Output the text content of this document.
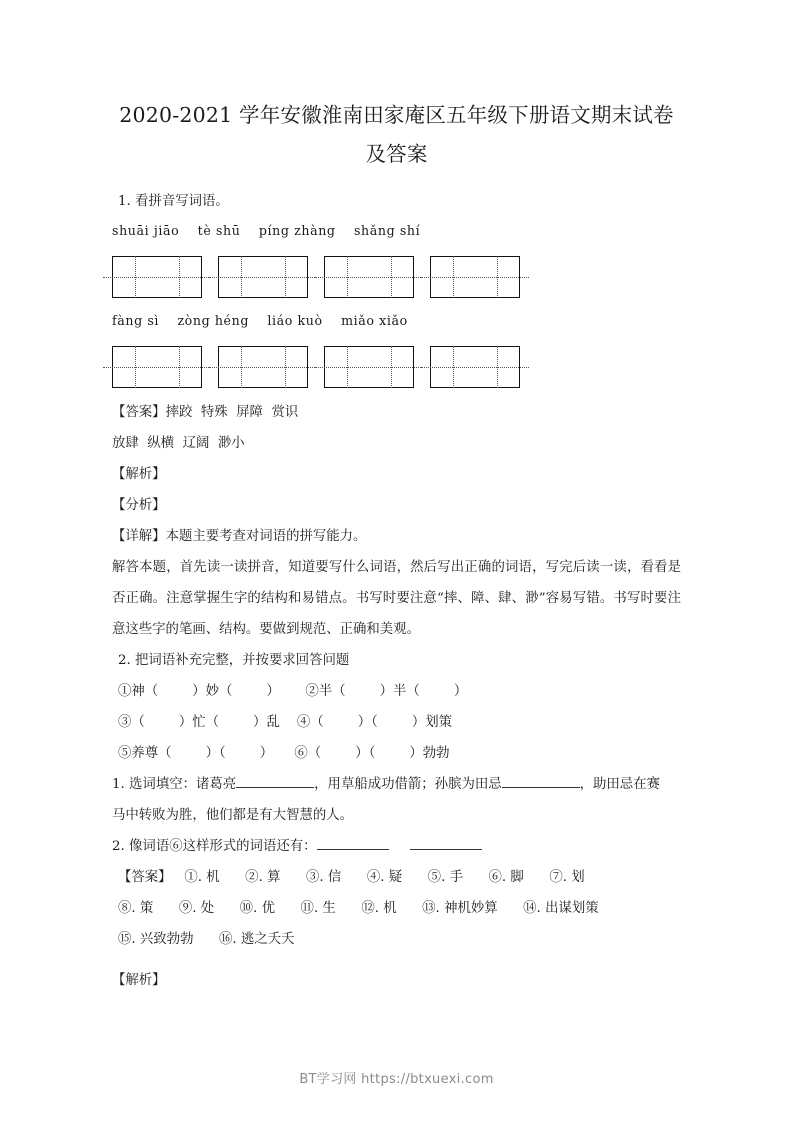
2020-2021 学年安徽淮南田家庵区五年级下册语文期末试卷
及答案

1. 看拼音写词语。

shuāi jiāo    tè shū    píng zhàng    shǎng shí

fàng sì    zòng héng    liáo kuò    miǎo xiǎo

【答案】摔跤  特殊  屏障  赏识

放肆  纵横  辽阔  渺小

【解析】

【分析】

【详解】本题主要考查对词语的拼写能力。

解答本题，首先读一读拼音，知道要写什么词语，然后写出正确的词语，写完后读一读，看看是否正确。注意掌握生字的结构和易错点。书写时要注意“摔、障、肆、渺”容易写错。书写时要注意这些字的笔画、结构。要做到规范、正确和美观。

2. 把词语补充完整，并按要求回答问题

①神（        ）妙（        ）      ②半（        ）半（        ）

③（        ）忙（        ）乱    ④（        ）（        ）划策

⑤养尊（        ）（        ）     ⑥（        ）（        ）勃勃

1. 选词填空：诸葛亮	，用草船成功借箭；孙膑为田忌	，助田忌在赛

马中转败为胜，他们都是有大智慧的人。

2. 像词语⑥这样形式的词语还有：

【答案】 ①. 机      ②. 算      ③. 信      ④. 疑      ⑤. 手      ⑥. 脚      ⑦. 划

⑧. 策      ⑨. 处      ⑩. 优      ⑪. 生      ⑫. 机      ⑬. 神机妙算      ⑭. 出谋划策

⑮. 兴致勃勃      ⑯. 逃之夭夭

【解析】

BT学习网 https://btxuexi.com
